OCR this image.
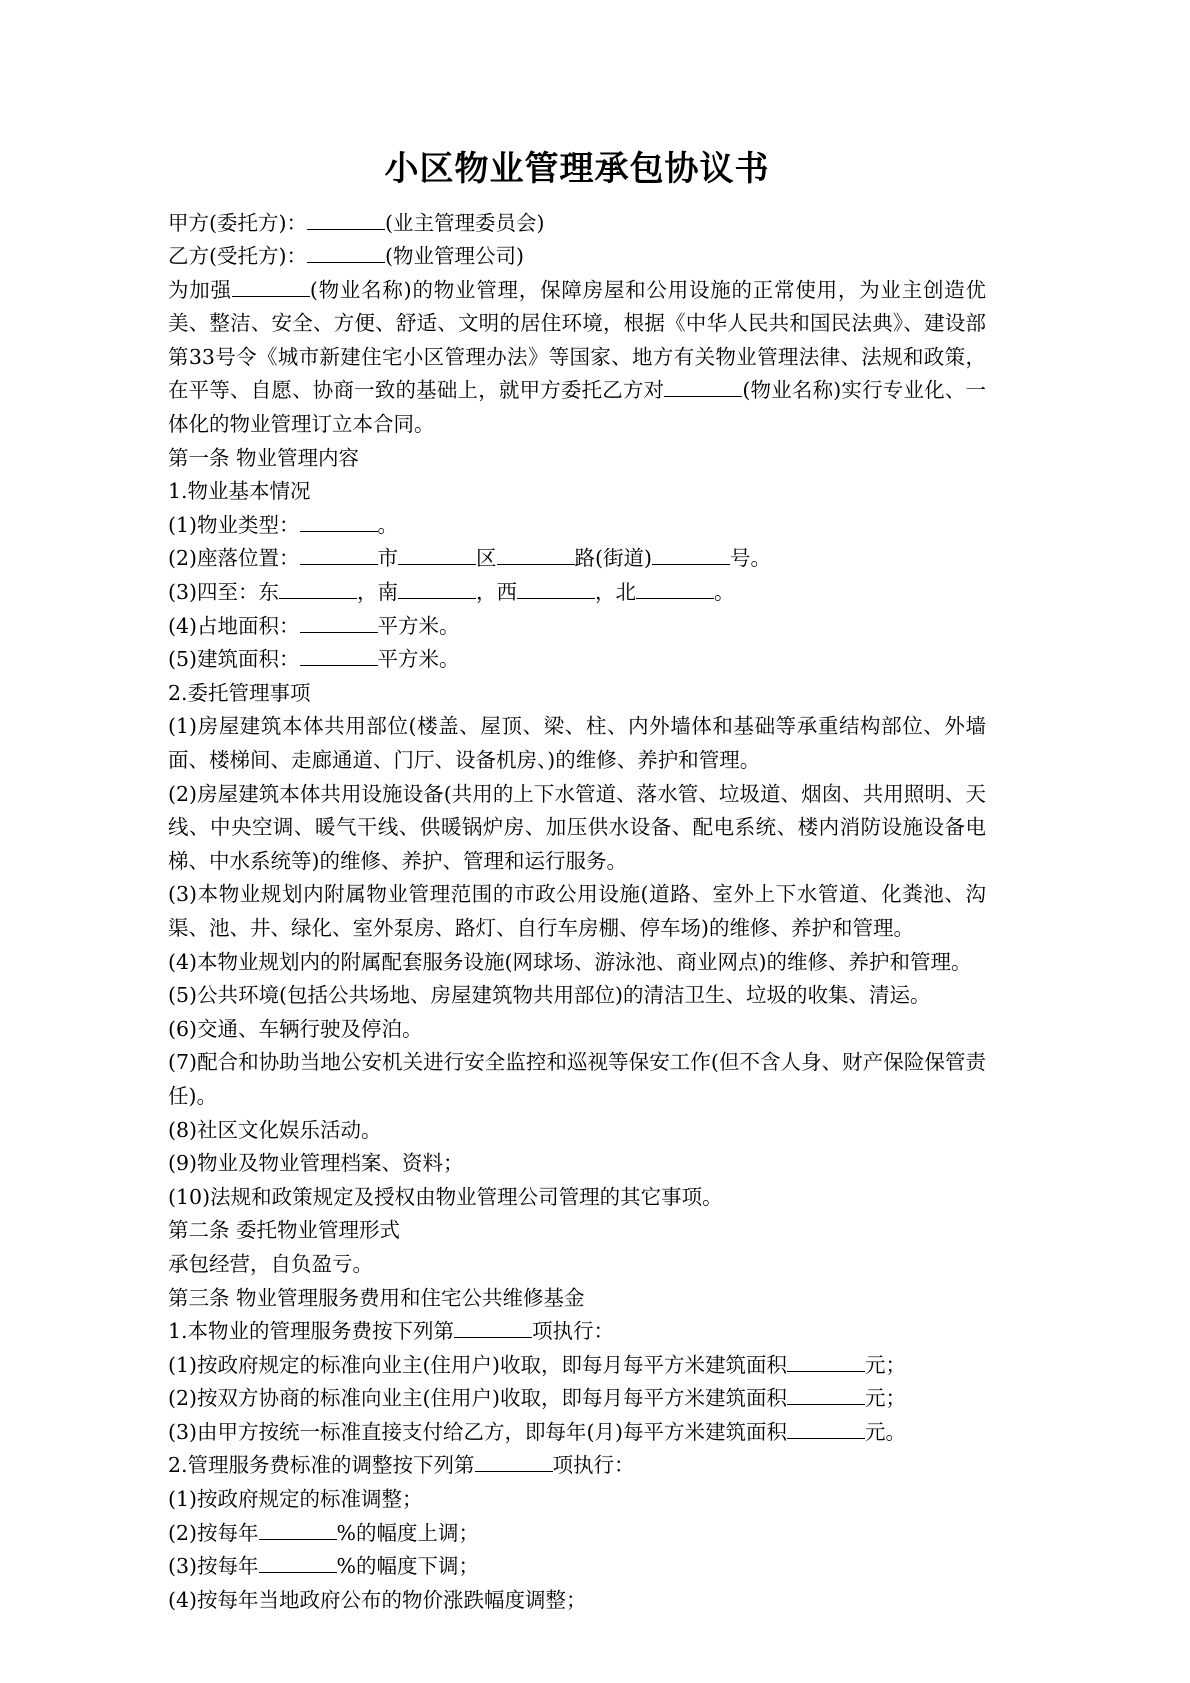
小区物业管理承包协议书

甲方(委托方)：	(业主管理委员会)

乙方(受托方)：	(物业管理公司)

为加强	(物业名称)的物业管理，保障房屋和公用设施的正常使用，为业主创造优美、整洁、安全、方便、舒适、文明的居住环境，根据《中华人民共和国民法典》、建设部第33号令《城市新建住宅小区管理办法》等国家、地方有关物业管理法律、法规和政策，在平等、自愿、协商一致的基础上，就甲方委托乙方对	(物业名称)实行专业化、一体化的物业管理订立本合同。

第一条 物业管理内容

1.物业基本情况

(1)物业类型：	。

(2)座落位置：	市	区	路(街道)	号。

(3)四至：东	，南	，西	，北	。

(4)占地面积：	平方米。

(5)建筑面积：	平方米。

2.委托管理事项

(1)房屋建筑本体共用部位(楼盖、屋顶、梁、柱、内外墙体和基础等承重结构部位、外墙面、楼梯间、走廊通道、门厅、设备机房、)的维修、养护和管理。

(2)房屋建筑本体共用设施设备(共用的上下水管道、落水管、垃圾道、烟囱、共用照明、天线、中央空调、暖气干线、供暖锅炉房、加压供水设备、配电系统、楼内消防设施设备电梯、中水系统等)的维修、养护、管理和运行服务。

(3)本物业规划内附属物业管理范围的市政公用设施(道路、室外上下水管道、化粪池、沟渠、池、井、绿化、室外泵房、路灯、自行车房棚、停车场)的维修、养护和管理。

(4)本物业规划内的附属配套服务设施(网球场、游泳池、商业网点)的维修、养护和管理。

(5)公共环境(包括公共场地、房屋建筑物共用部位)的清洁卫生、垃圾的收集、清运。

(6)交通、车辆行驶及停泊。

(7)配合和协助当地公安机关进行安全监控和巡视等保安工作(但不含人身、财产保险保管责任)。

(8)社区文化娱乐活动。

(9)物业及物业管理档案、资料；

(10)法规和政策规定及授权由物业管理公司管理的其它事项。

第二条 委托物业管理形式

承包经营，自负盈亏。

第三条 物业管理服务费用和住宅公共维修基金

1.本物业的管理服务费按下列第	项执行：

(1)按政府规定的标准向业主(住用户)收取，即每月每平方米建筑面积	元；

(2)按双方协商的标准向业主(住用户)收取，即每月每平方米建筑面积	元；

(3)由甲方按统一标准直接支付给乙方，即每年(月)每平方米建筑面积	元。

2.管理服务费标准的调整按下列第	项执行：

(1)按政府规定的标准调整；

(2)按每年	%的幅度上调；

(3)按每年	%的幅度下调；

(4)按每年当地政府公布的物价涨跌幅度调整；
